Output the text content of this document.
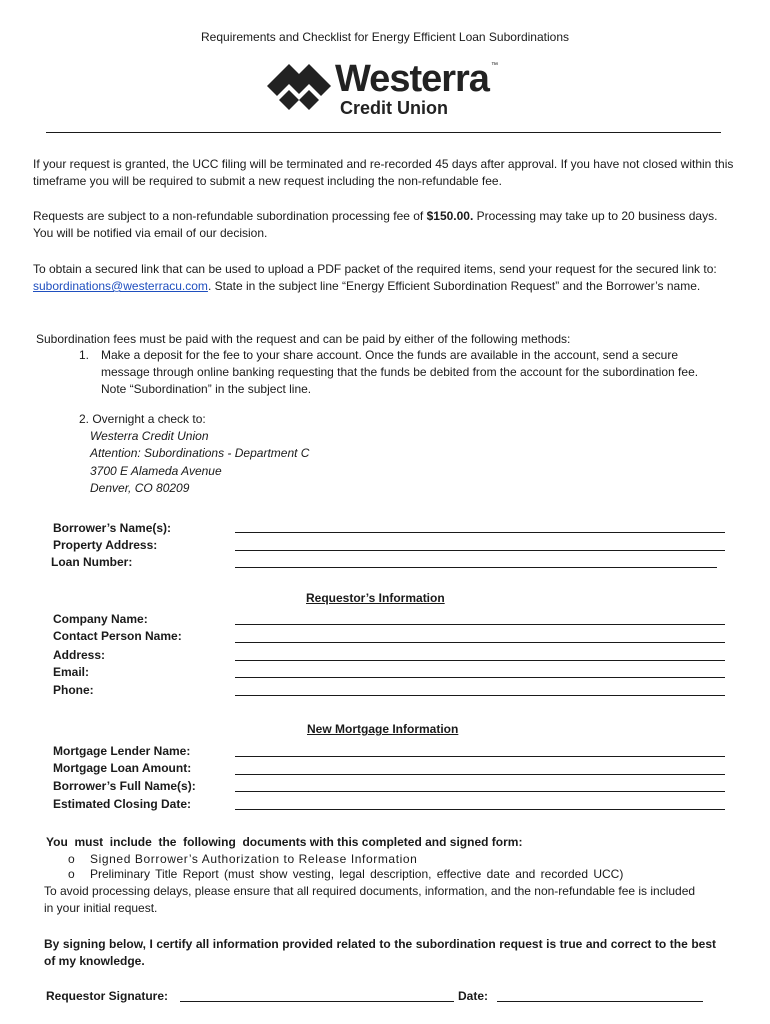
Requirements and Checklist for Energy Efficient Loan Subordinations
Westerra ™
Credit Union
If your request is granted, the UCC filing will be terminated and re-recorded 45 days after approval. If you have not closed within this timeframe you will be required to submit a new request including the non-refundable fee.
Requests are subject to a non-refundable subordination processing fee of $150.00. Processing may take up to 20 business days. You will be notified via email of our decision.
To obtain a secured link that can be used to upload a PDF packet of the required items, send your request for the secured link to: subordinations@westerracu.com. State in the subject line “Energy Efficient Subordination Request” and the Borrower’s name.
Subordination fees must be paid with the request and can be paid by either of the following methods:
1. Make a deposit for the fee to your share account. Once the funds are available in the account, send a secure message through online banking requesting that the funds be debited from the account for the subordination fee. Note “Subordination” in the subject line.
2. Overnight a check to:
Westerra Credit Union
Attention: Subordinations - Department C
3700 E Alameda Avenue
Denver, CO 80209
Borrower’s Name(s):
Property Address:
Loan Number:
Requestor’s Information
Company Name:
Contact Person Name:
Address:
Email:
Phone:
New Mortgage Information
Mortgage Lender Name:
Mortgage Loan Amount:
Borrower’s Full Name(s):
Estimated Closing Date:
You  must  include  the  following  documents with this completed and signed form:
o Signed Borrower’s Authorization to Release Information
o Preliminary Title Report (must show vesting, legal description, effective date and recorded UCC)
To avoid processing delays, please ensure that all required documents, information, and the non-refundable fee is included in your initial request.
By signing below, I certify all information provided related to the subordination request is true and correct to the best of my knowledge.
Requestor Signature:	Date:
